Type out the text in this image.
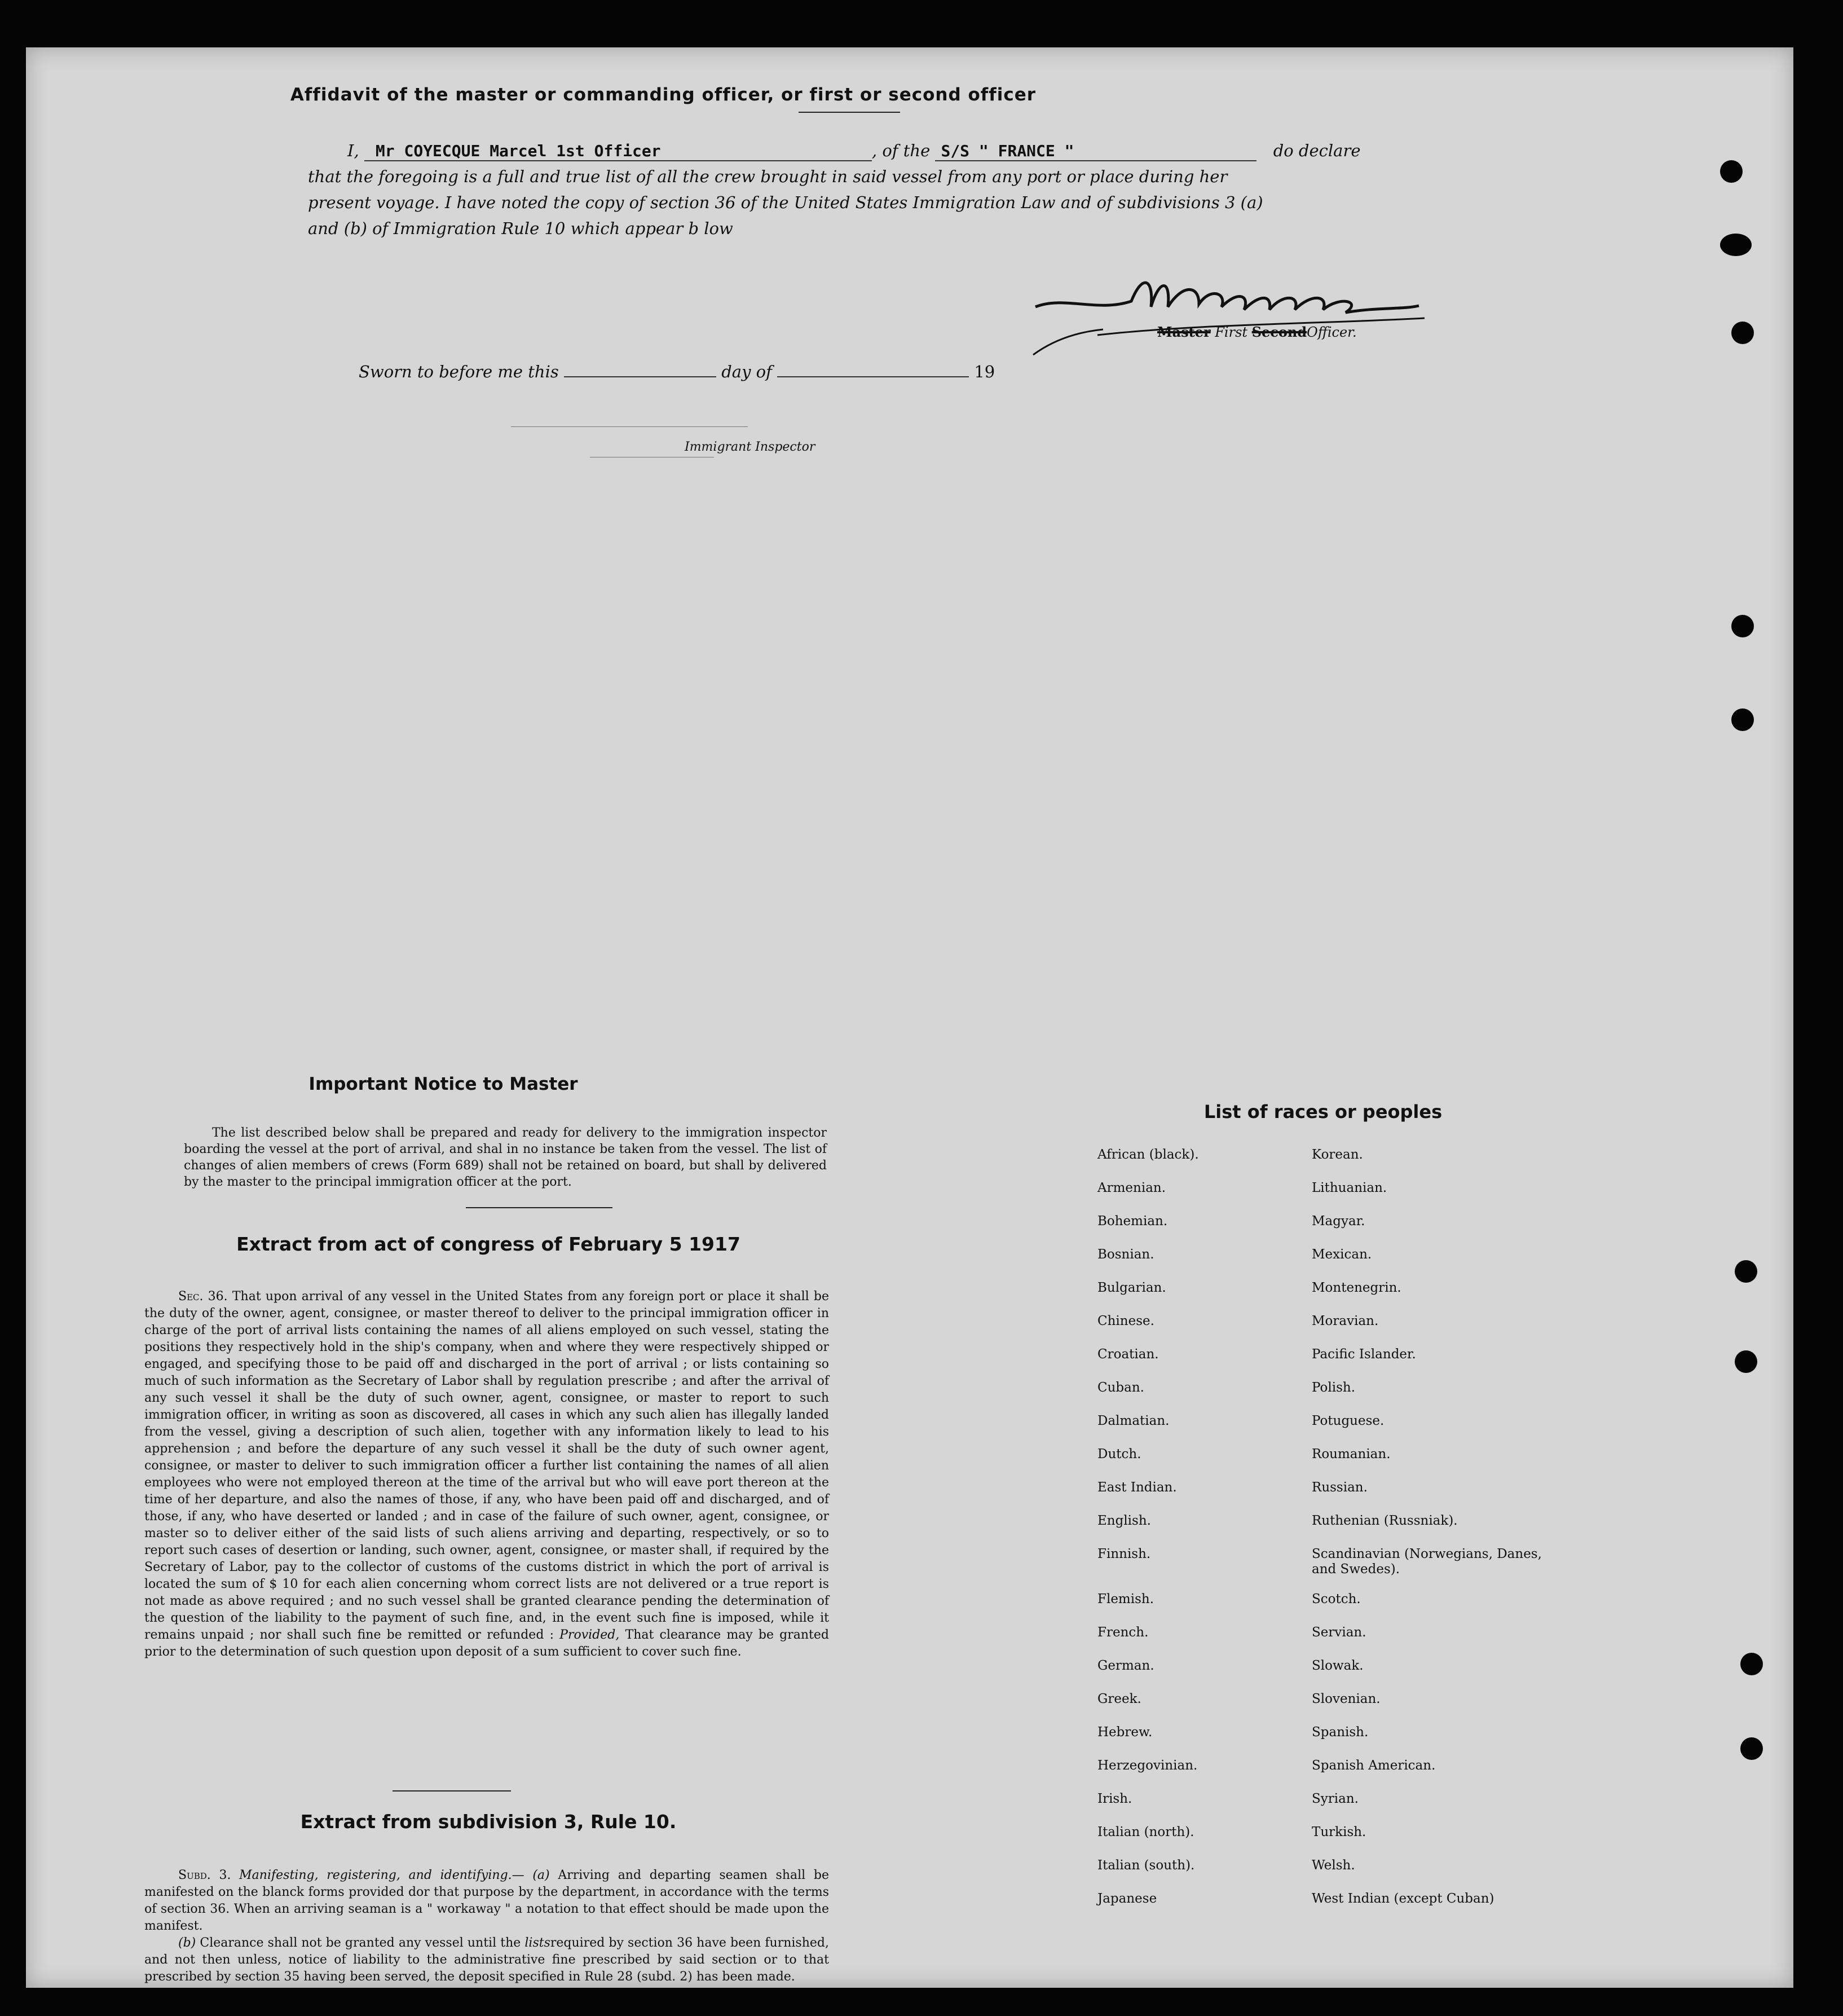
Affidavit of the master or commanding officer, or first or second officer
I, Mr COYECQUE Marcel 1st Officer	, of the S/S " FRANCE "	do declare
that the foregoing is a full and true list of all the crew brought in said vessel from any port or place during her
present voyage. I have noted the copy of section 36 of the United States Immigration Law and of subdivisions 3 (a)
and (b) of Immigration Rule 10 which appear b low
Master First SecondOfficer.
Sworn to before me this	day of	19
Immigrant Inspector
Important Notice to Master
The list described below shall be prepared and ready for delivery to the immigration inspector boarding the vessel at the port of arrival, and shal in no instance be taken from the vessel. The list of changes of alien members of crews (Form 689) shall not be retained on board, but shall by delivered by the master to the principal immigration officer at the port.
Extract from act of congress of February 5 1917
Sec. 36. That upon arrival of any vessel in the United States from any foreign port or place it shall be the duty of the owner, agent, consignee, or master thereof to deliver to the principal immigration officer in charge of the port of arrival lists containing the names of all aliens employed on such vessel, stating the positions they respectively hold in the ship's company, when and where they were respectively shipped or engaged, and specifying those to be paid off and discharged in the port of arrival ; or lists containing so much of such information as the Secretary of Labor shall by regulation prescribe ; and after the arrival of any such vessel it shall be the duty of such owner, agent, consignee, or master to report to such immigration officer, in writing as soon as discovered, all cases in which any such alien has illegally landed from the vessel, giving a description of such alien, together with any information likely to lead to his apprehension ; and before the departure of any such vessel it shall be the duty of such owner agent, consignee, or master to deliver to such immigration officer a further list containing the names of all alien employees who were not employed thereon at the time of the arrival but who will eave port thereon at the time of her departure, and also the names of those, if any, who have been paid off and discharged, and of those, if any, who have deserted or landed ; and in case of the failure of such owner, agent, consignee, or master so to deliver either of the said lists of such aliens arriving and departing, respectively, or so to report such cases of desertion or landing, such owner, agent, consignee, or master shall, if required by the Secretary of Labor, pay to the collector of customs of the customs district in which the port of arrival is located the sum of $ 10 for each alien concerning whom correct lists are not delivered or a true report is not made as above required ; and no such vessel shall be granted clearance pending the determination of the question of the liability to the payment of such fine, and, in the event such fine is imposed, while it remains unpaid ; nor shall such fine be remitted or refunded : Provided, That clearance may be granted prior to the determination of such question upon deposit of a sum sufficient to cover such fine.
Extract from subdivision 3, Rule 10.
Subd. 3. Manifesting, registering, and identifying.— (a) Arriving and departing seamen shall be manifested on the blanck forms provided dor that purpose by the department, in accordance with the terms of section 36. When an arriving seaman is a " workaway " a notation to that effect should be made upon the manifest.
(b) Clearance shall not be granted any vessel until the listsrequired by section 36 have been furnished, and not then unless, notice of liability to the administrative fine prescribed by said section or to that prescribed by section 35 having been served, the deposit specified in Rule 28 (subd. 2) has been made.
List of races or peoples
African (black).	Korean.
Armenian.	Lithuanian.
Bohemian.	Magyar.
Bosnian.	Mexican.
Bulgarian.	Montenegrin.
Chinese.	Moravian.
Croatian.	Pacific Islander.
Cuban.	Polish.
Dalmatian.	Potuguese.
Dutch.	Roumanian.
East Indian.	Russian.
English.	Ruthenian (Russniak).
Finnish.	Scandinavian (Norwegians, Danes, and Swedes).
Flemish.	Scotch.
French.	Servian.
German.	Slowak.
Greek.	Slovenian.
Hebrew.	Spanish.
Herzegovinian.	Spanish American.
Irish.	Syrian.
Italian (north).	Turkish.
Italian (south).	Welsh.
Japanese	West Indian (except Cuban)
